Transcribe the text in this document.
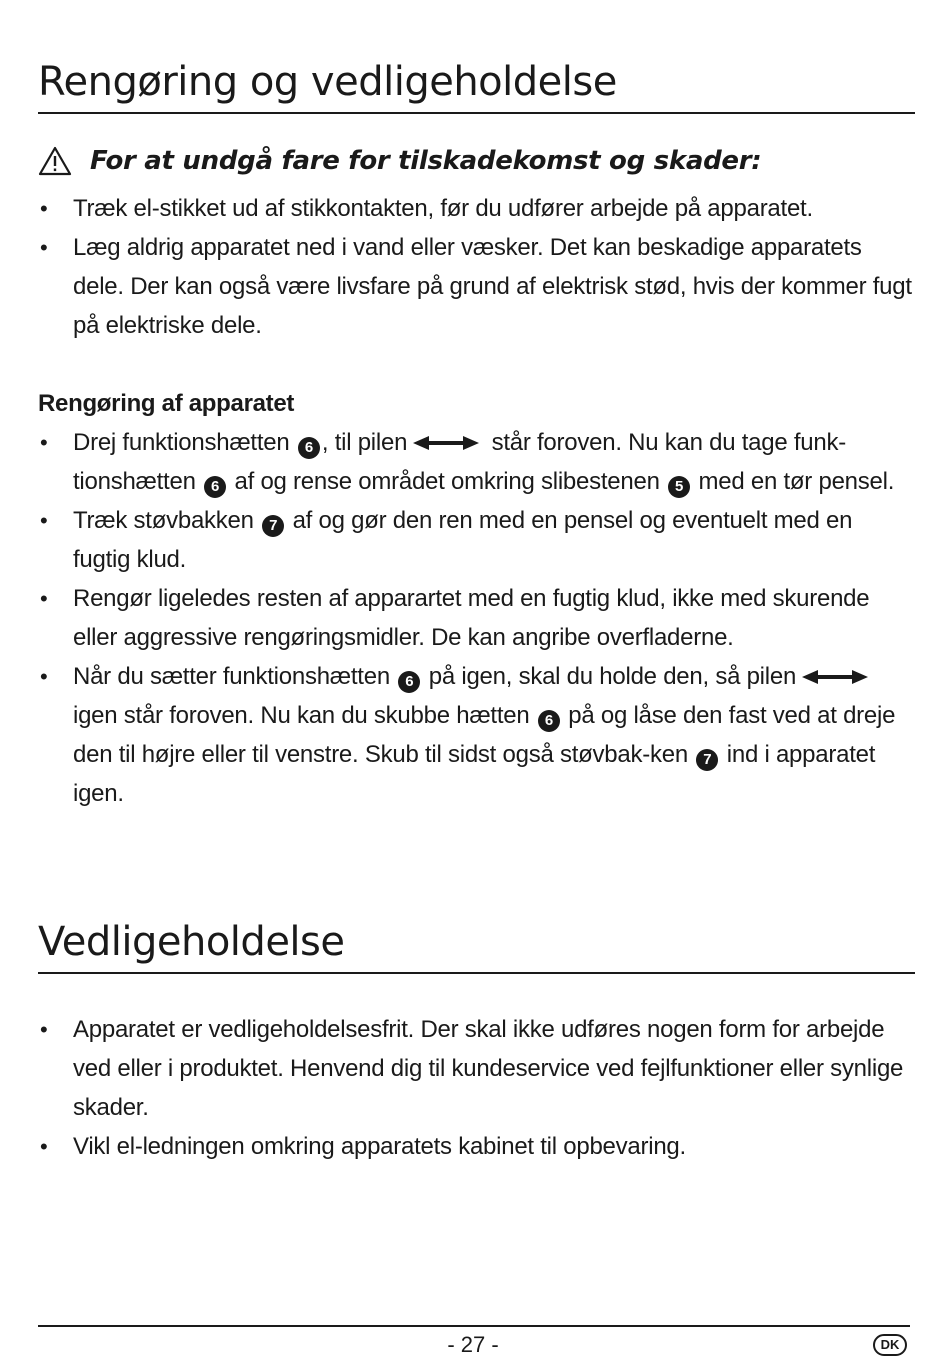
Rengøring og vedligeholdelse
For at undgå fare for tilskadekomst og skader:
• Træk el-stikket ud af stikkontakten, før du udfører arbejde på apparatet.
• Læg aldrig apparatet ned i vand eller væsker. Det kan beskadige apparatets dele. Der kan også være livsfare på grund af elektrisk stød, hvis der kommer fugt på elektriske dele.
Rengøring af apparatet
• Drej funktionshætten 6 , til pilen	står foroven. Nu kan du tage funk-tionshætten 6 af og rense området omkring slibestenen 5 med en tør pensel.
• Træk støvbakken 7 af og gør den ren med en pensel og eventuelt med en fugtig klud.
• Rengør ligeledes resten af apparartet med en fugtig klud, ikke med skurende eller aggressive rengøringsmidler. De kan angribe overfladerne.
• Når du sætter funktionshætten 6 på igen, skal du holde den, så pilen  igen står foroven. Nu kan du skubbe hætten 6 på og låse den fast ved at dreje den til højre eller til venstre. Skub til sidst også støvbak-ken 7 ind i apparatet igen.
Vedligeholdelse
• Apparatet er vedligeholdelsesfrit. Der skal ikke udføres nogen form for arbejde ved eller i produktet. Henvend dig til kundeservice ved fejlfunktioner eller synlige skader.
• Vikl el-ledningen omkring apparatets kabinet til opbevaring.
- 27 -	DK
